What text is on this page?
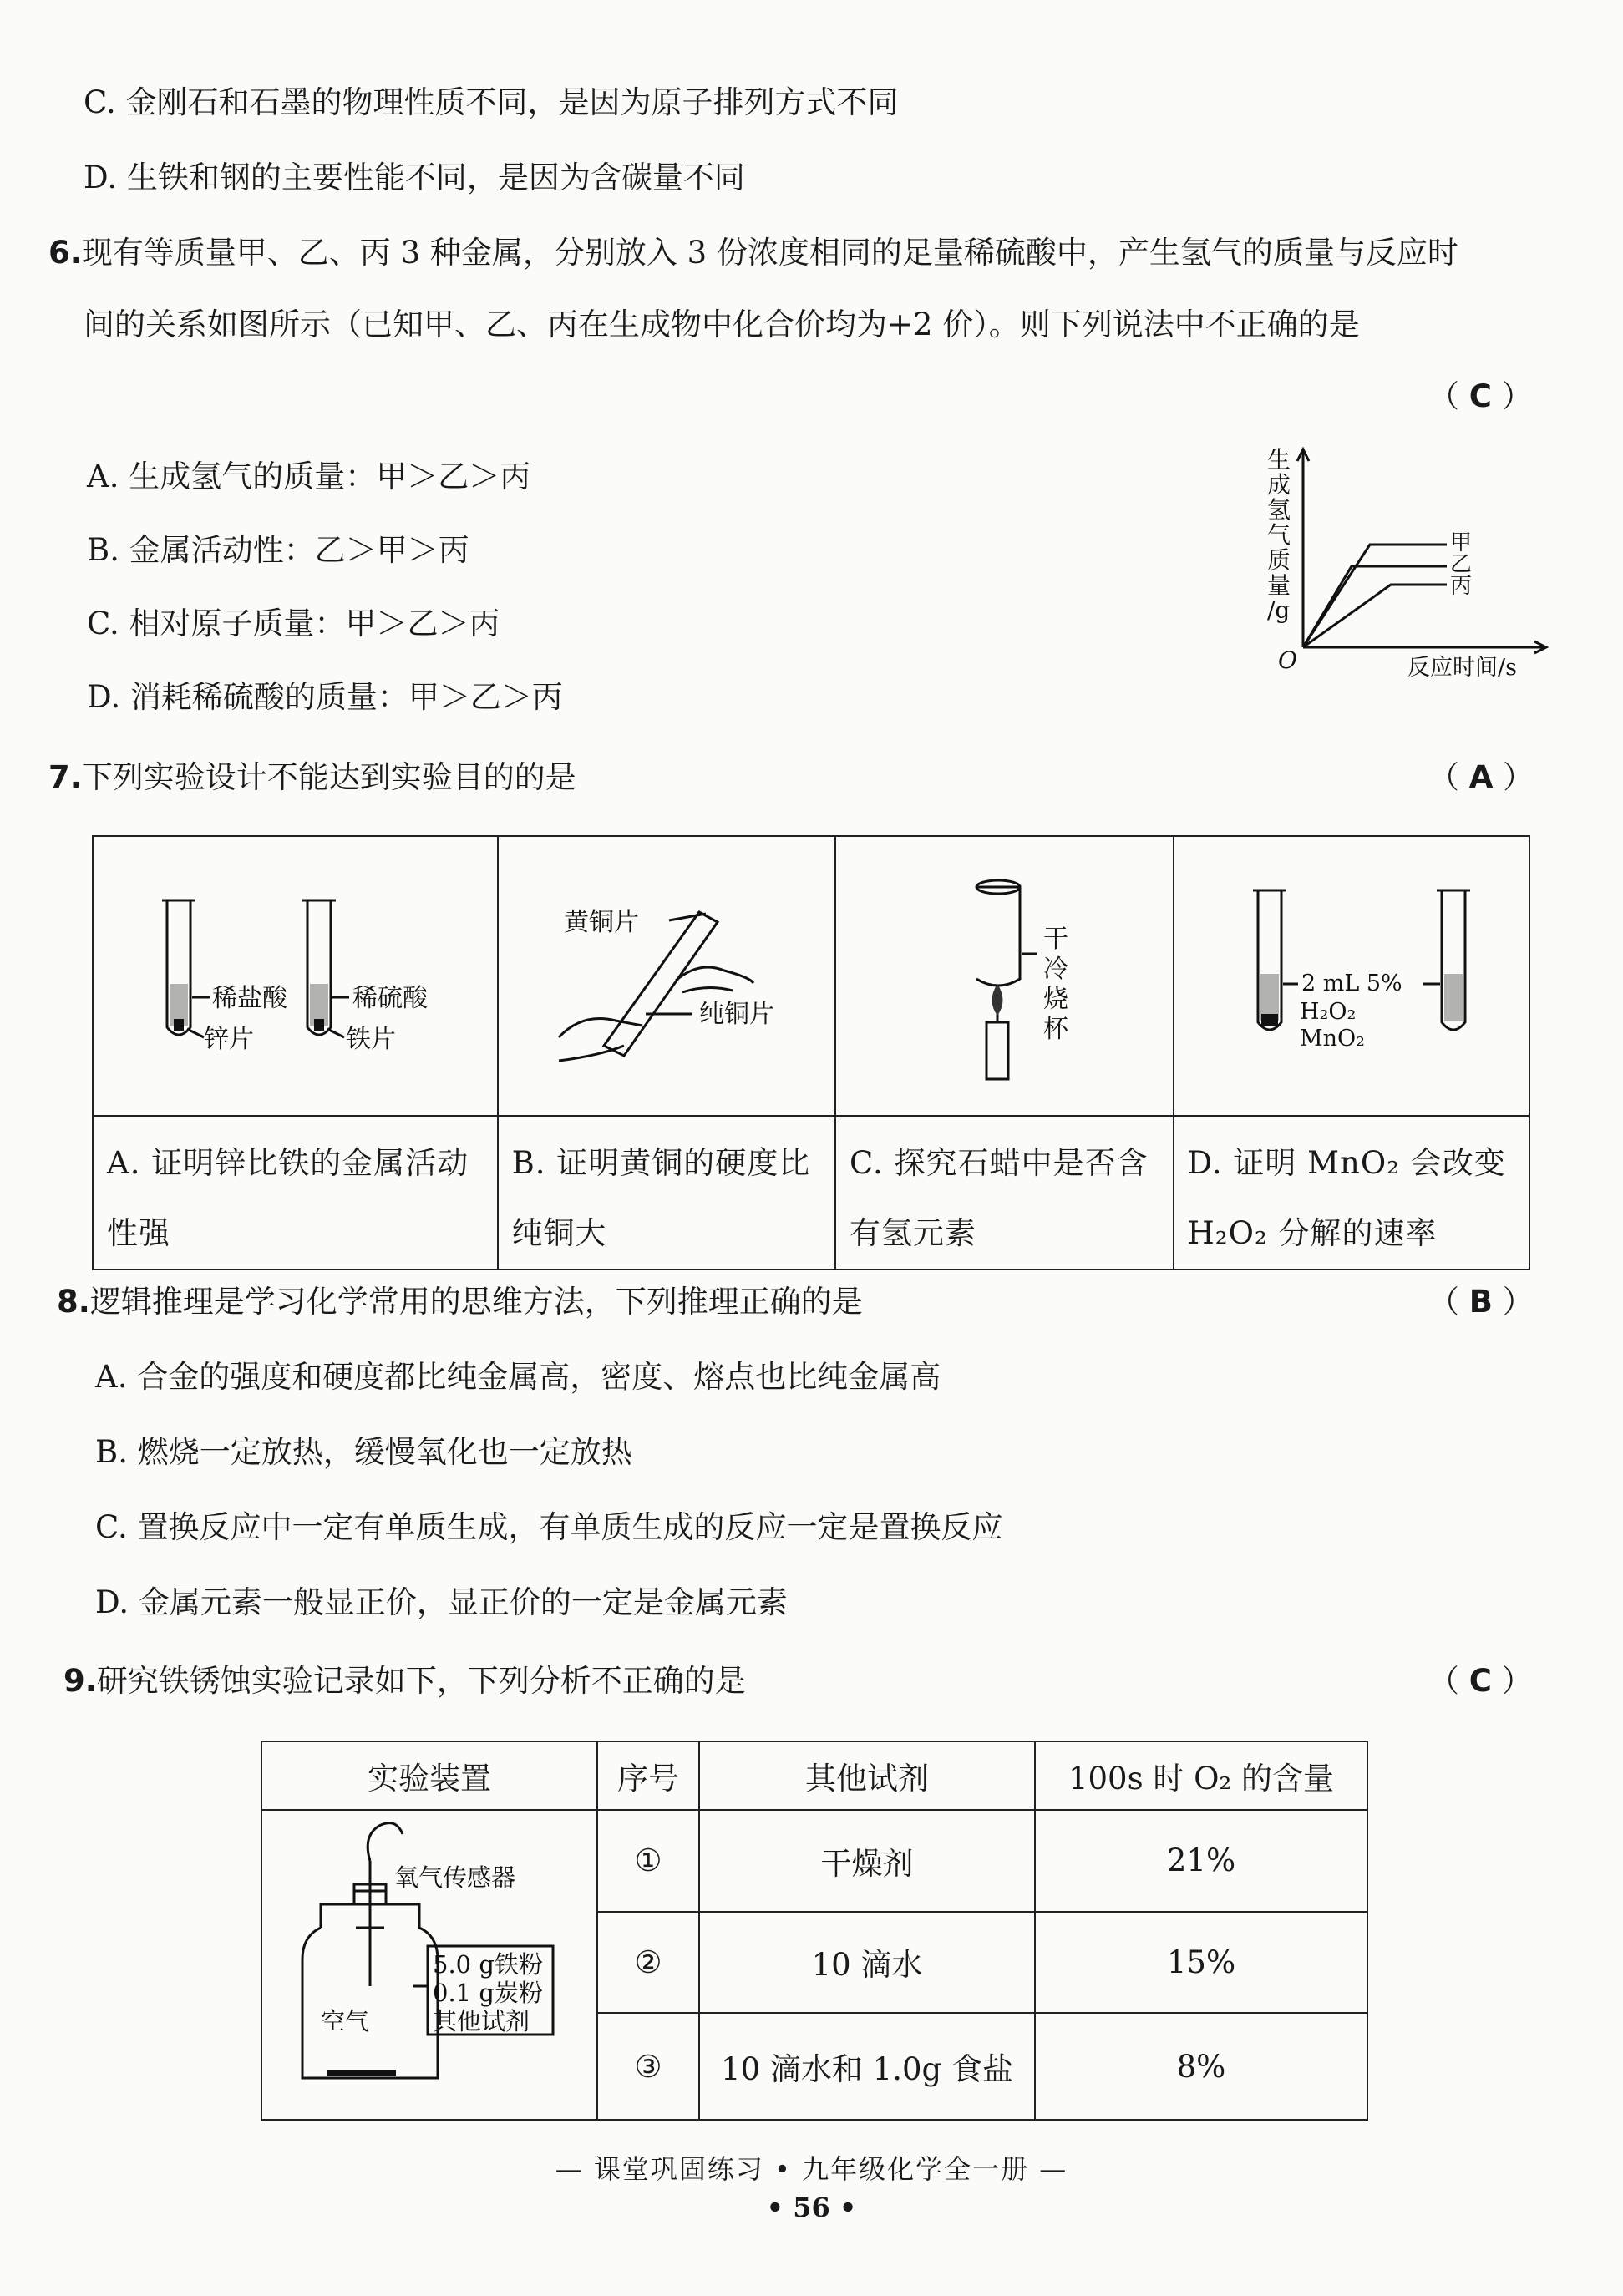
C. 金刚石和石墨的物理性质不同，是因为原子排列方式不同
D. 生铁和钢的主要性能不同，是因为含碳量不同
6.现有等质量甲、乙、丙 3 种金属，分别放入 3 份浓度相同的足量稀硫酸中，产生氢气的质量与反应时
间的关系如图所示（已知甲、乙、丙在生成物中化合价均为+2 价）。则下列说法中不正确的是
（ C ）
A. 生成氢气的质量：甲＞乙＞丙
B. 金属活动性：乙＞甲＞丙
C. 相对原子质量：甲＞乙＞丙
D. 消耗稀硫酸的质量：甲＞乙＞丙
生
成
氢
气
质
量
/g
O	反应时间/s
甲
乙
丙
7.下列实验设计不能达到实验目的的是	（ A ）
稀盐酸
锌片
稀硫酸
铁片	黄铜片
纯铜片	干
冷
烧
杯	2 mL 5%
H₂O₂
MnO₂

A. 证明锌比铁的金属活动性强	B. 证明黄铜的硬度比纯铜大	C. 探究石蜡中是否含有氢元素	D. 证明 MnO₂ 会改变 H₂O₂ 分解的速率
8.逻辑推理是学习化学常用的思维方法，下列推理正确的是	（ B ）
A. 合金的强度和硬度都比纯金属高，密度、熔点也比纯金属高
B. 燃烧一定放热，缓慢氧化也一定放热
C. 置换反应中一定有单质生成，有单质生成的反应一定是置换反应
D. 金属元素一般显正价，显正价的一定是金属元素
9.研究铁锈蚀实验记录如下，下列分析不正确的是	（ C ）
实验装置	序号	其他试剂	100s 时 O₂ 的含量

氧气传感器
空气
5.0 g铁粉
0.1 g炭粉
其他试剂	①	干燥剂	21%
	②	10 滴水	15%
	③	10 滴水和 1.0g 食盐	8%
— 课堂巩固练习 • 九年级化学全一册 —
• 56 •
